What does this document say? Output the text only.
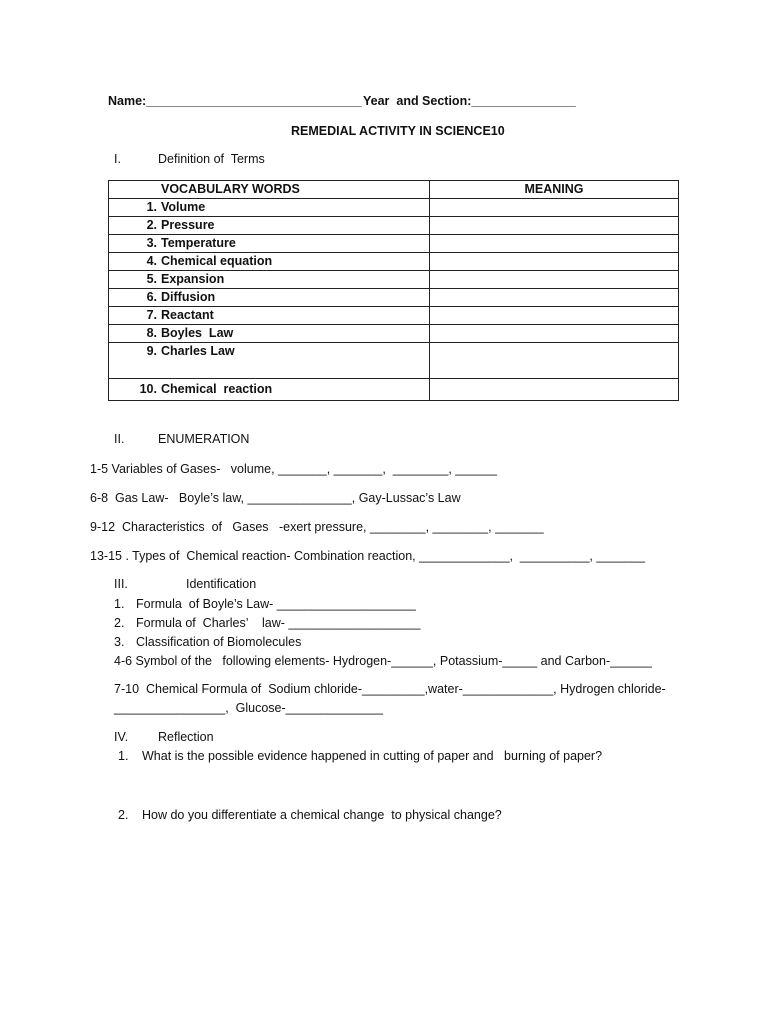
Name:_______________________________ Year  and Section:_______________
REMEDIAL ACTIVITY IN SCIENCE10
I.	Definition of  Terms
VOCABULARY WORDS	MEANING
1. Volume	
2. Pressure	
3. Temperature	
4. Chemical equation	
5. Expansion	
6. Diffusion	
7. Reactant	
8. Boyles  Law	
9. Charles Law	
10. Chemical  reaction	
II.	ENUMERATION
1-5 Variables of Gases-   volume, _______, _______,  ________, ______
6-8  Gas Law-   Boyle’s law, _______________, Gay-Lussac’s Law
9-12  Characteristics  of   Gases   -exert pressure, ________, ________, _______
13-15 . Types of  Chemical reaction- Combination reaction, _____________,  __________, _______
III.	Identification
1. Formula  of Boyle’s Law- ____________________
2. Formula of  Charles’    law- ___________________
3. Classification of Biomolecules
4-6 Symbol of the   following elements- Hydrogen-______, Potassium-_____ and Carbon-______
7-10  Chemical Formula of  Sodium chloride-_________,water-_____________, Hydrogen chloride-
________________,  Glucose-______________
IV. Reflection
1. What is the possible evidence happened in cutting of paper and   burning of paper?
2. How do you differentiate a chemical change  to physical change?
